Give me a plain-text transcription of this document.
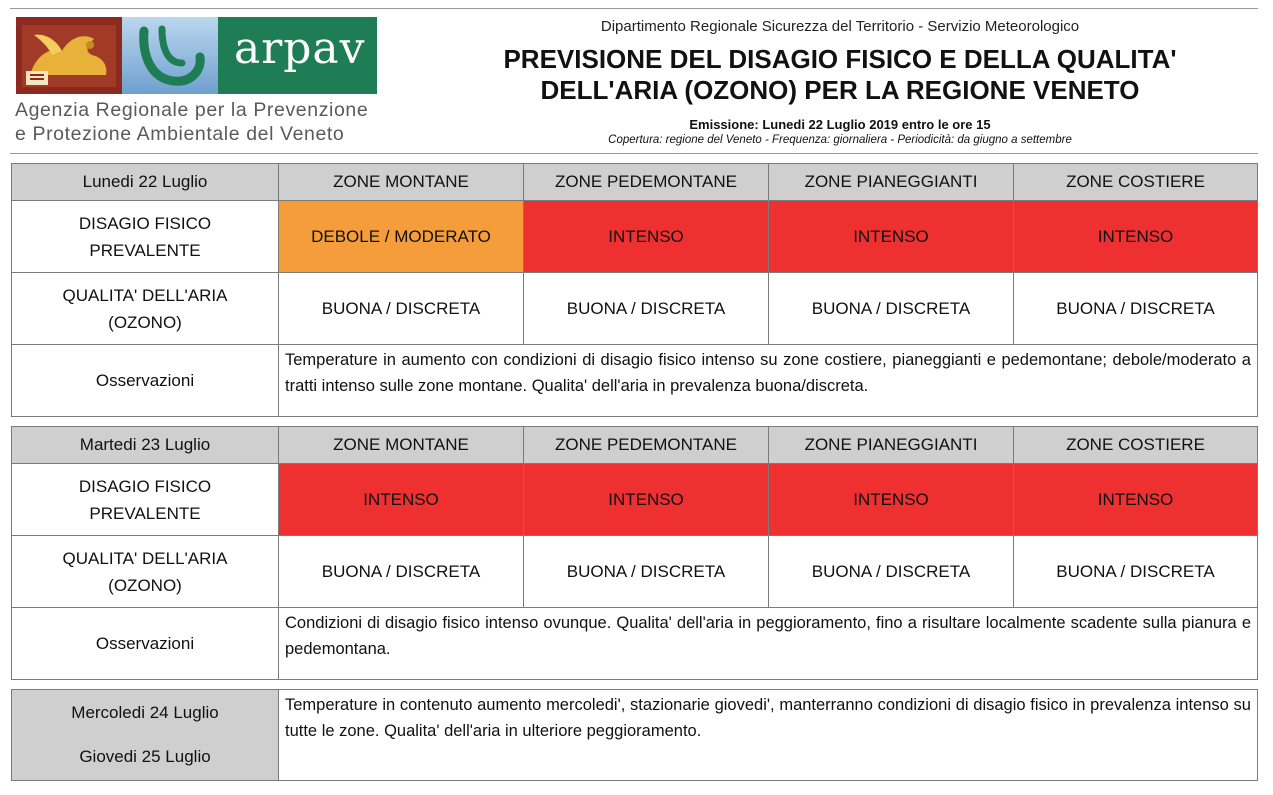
arpav
Agenzia Regionale per la Prevenzione
e Protezione Ambientale del Veneto
Dipartimento Regionale Sicurezza del Territorio - Servizio Meteorologico
PREVISIONE DEL DISAGIO FISICO E DELLA QUALITA'
DELL'ARIA (OZONO) PER LA REGIONE VENETO
Emissione: Lunedi 22 Luglio 2019 entro le ore 15
Copertura: regione del Veneto - Frequenza: giornaliera - Periodicità: da giugno a settembre
Lunedi 22 Luglio	ZONE MONTANE	ZONE PEDEMONTANE	ZONE PIANEGGIANTI	ZONE COSTIERE

DISAGIO FISICO
PREVALENTE	DEBOLE / MODERATO	INTENSO	INTENSO	INTENSO

QUALITA' DELL'ARIA
(OZONO)	BUONA / DISCRETA	BUONA / DISCRETA	BUONA / DISCRETA	BUONA / DISCRETA
Osservazioni	Temperature in aumento con condizioni di disagio fisico intenso su zone costiere, pianeggianti e pedemontane; debole/moderato a tratti intenso sulle zone montane. Qualita' dell'aria in prevalenza buona/discreta.			
Martedi 23 Luglio	ZONE MONTANE	ZONE PEDEMONTANE	ZONE PIANEGGIANTI	ZONE COSTIERE

DISAGIO FISICO
PREVALENTE	INTENSO	INTENSO	INTENSO	INTENSO

QUALITA' DELL'ARIA
(OZONO)	BUONA / DISCRETA	BUONA / DISCRETA	BUONA / DISCRETA	BUONA / DISCRETA
Osservazioni	Condizioni di disagio fisico intenso ovunque. Qualita' dell'aria in peggioramento, fino a risultare localmente scadente sulla pianura e pedemontana.			
Mercoledi 24 Luglio
Giovedi 25 Luglio
	Temperature in contenuto aumento mercoledi', stazionarie giovedi', manterranno condizioni di disagio fisico in prevalenza intenso su tutte le zone. Qualita' dell'aria in ulteriore peggioramento.
